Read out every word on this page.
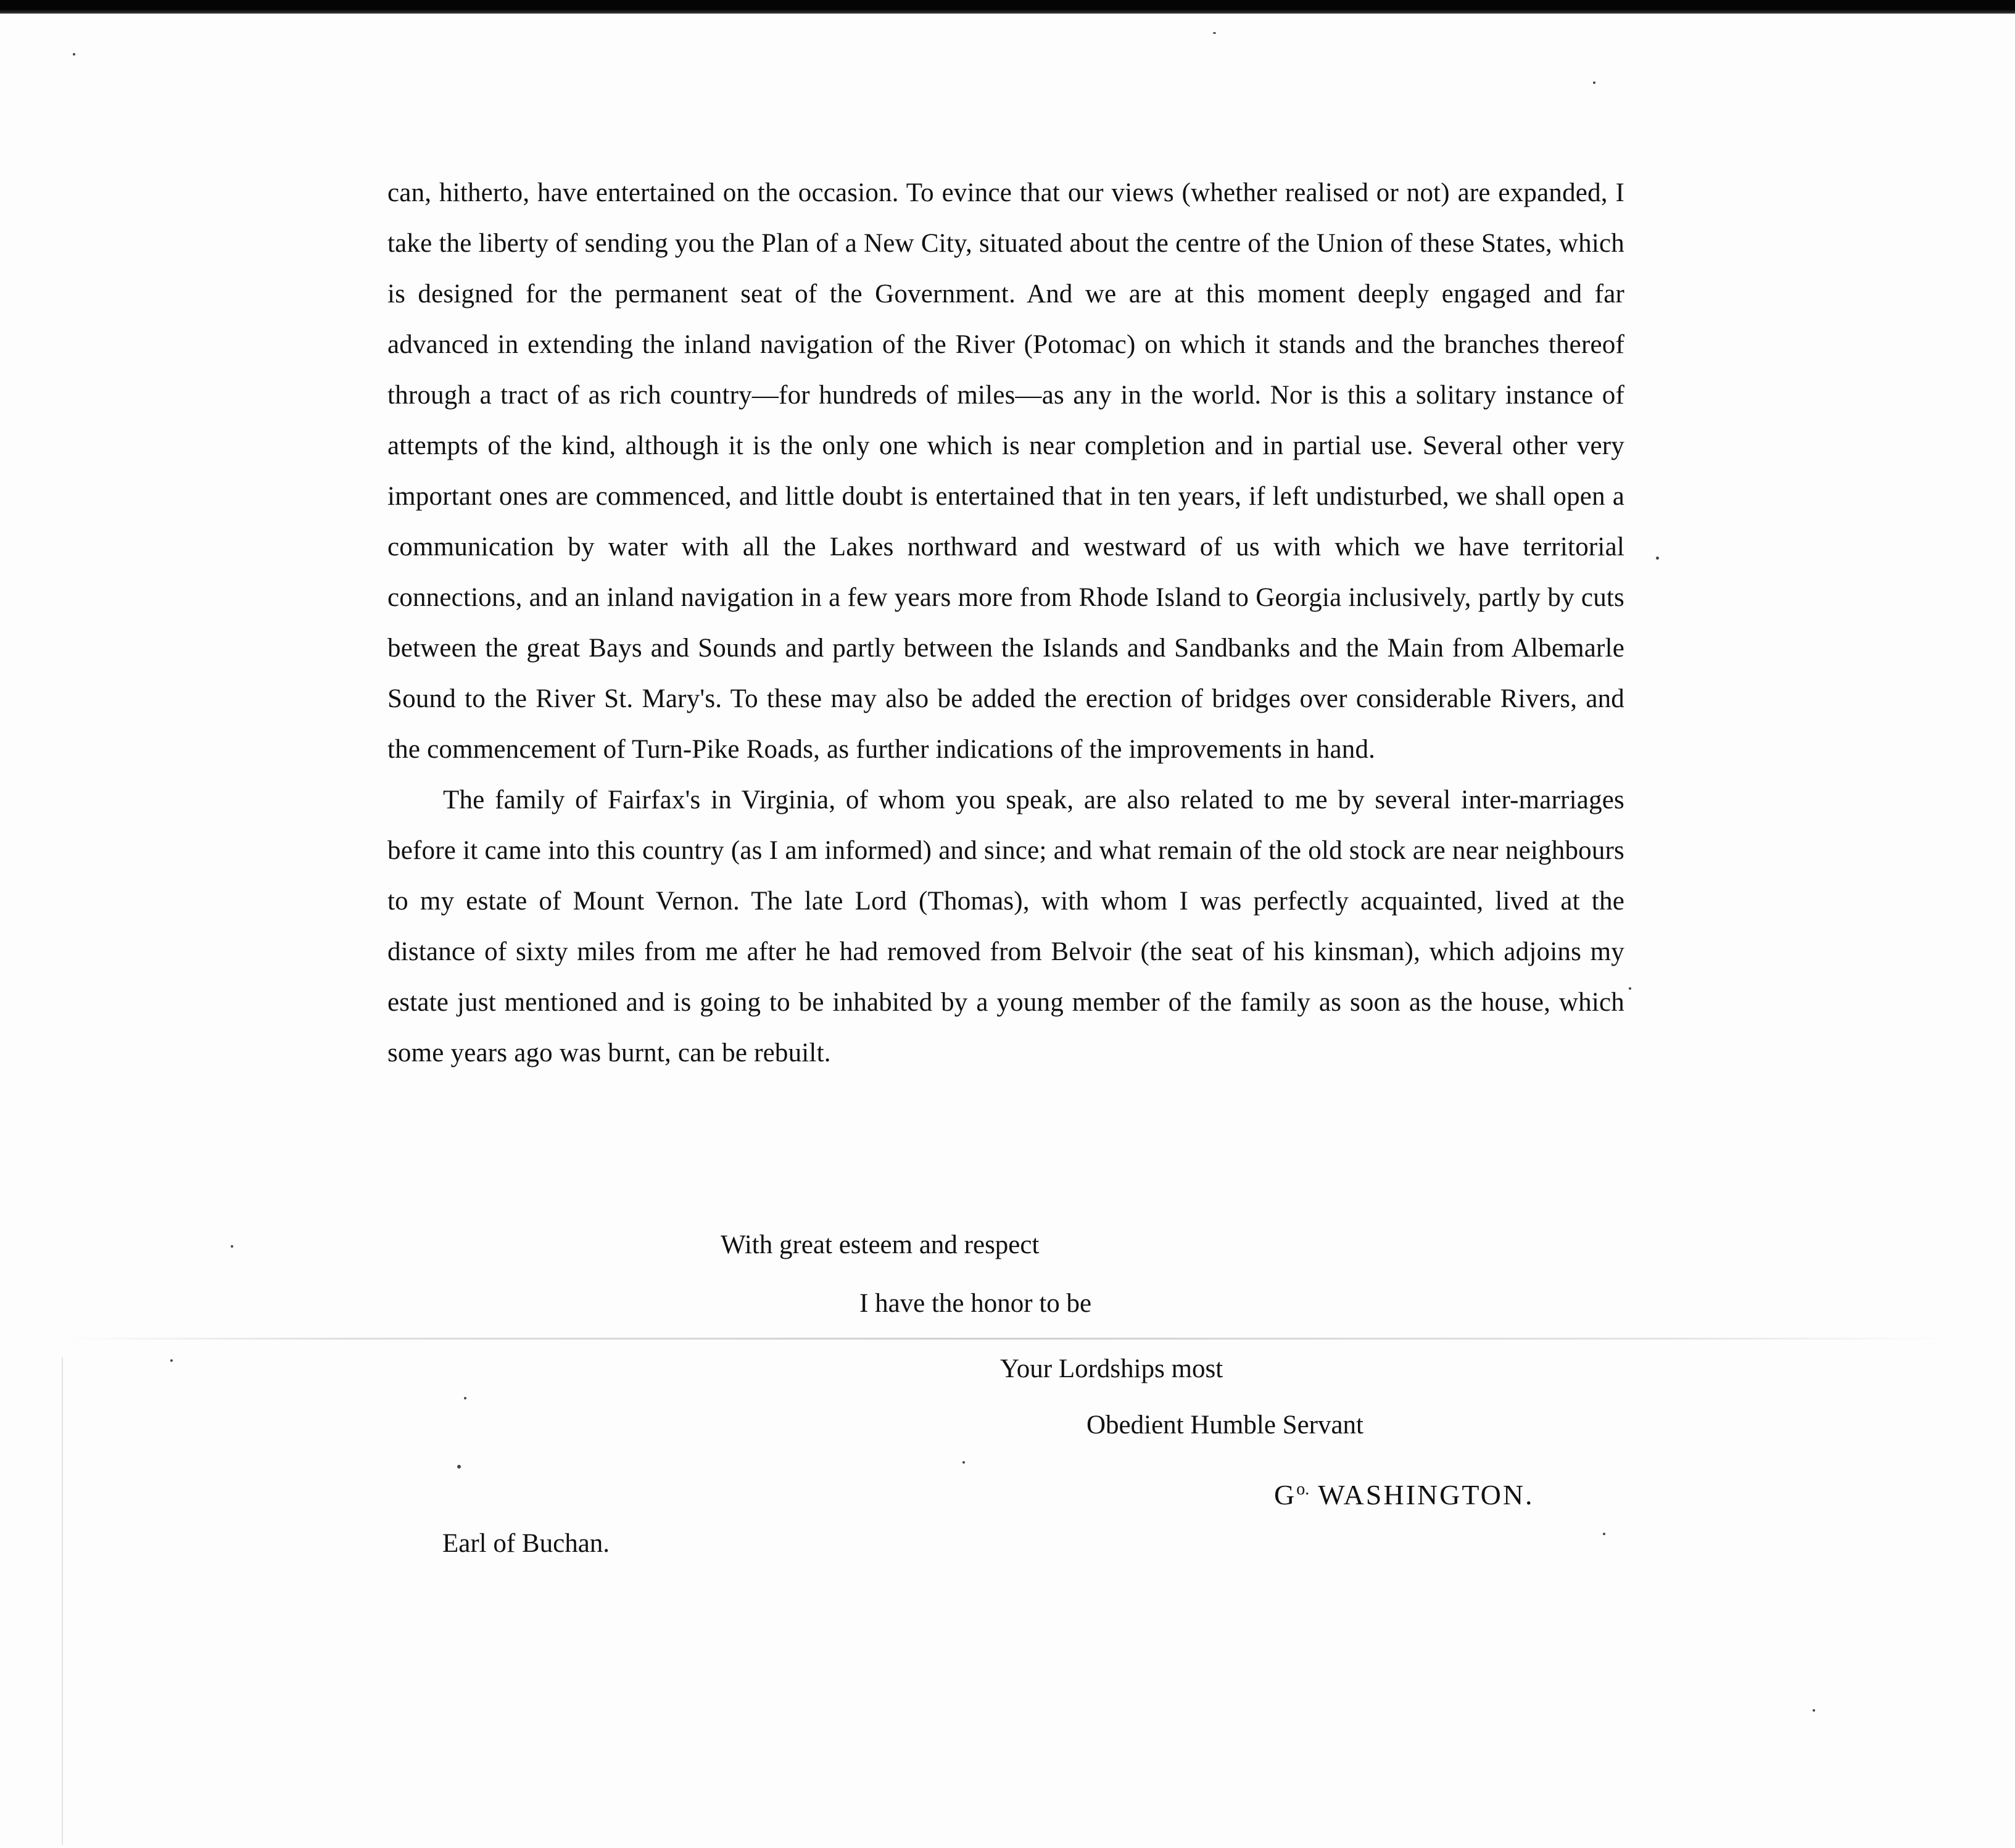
can, hitherto, have entertained on the occasion. To evince that our views (whether realised or not) are expanded, I take the liberty of sending you the Plan of a New City, situated about the centre of the Union of these States, which is designed for the permanent seat of the Government. And we are at this moment deeply engaged and far advanced in extending the inland navigation of the River (Potomac) on which it stands and the branches thereof through a tract of as rich country—for hundreds of miles—as any in the world. Nor is this a solitary instance of attempts of the kind, although it is the only one which is near completion and in partial use. Several other very important ones are commenced, and little doubt is entertained that in ten years, if left undisturbed, we shall open a communication by water with all the Lakes northward and westward of us with which we have territorial connections, and an inland navigation in a few years more from Rhode Island to Georgia inclusively, partly by cuts between the great Bays and Sounds and partly between the Islands and Sandbanks and the Main from Albemarle Sound to the River St. Mary's. To these may also be added the erection of bridges over considerable Rivers, and the commencement of Turn-Pike Roads, as further indications of the improvements in hand.

The family of Fairfax's in Virginia, of whom you speak, are also related to me by several inter-marriages before it came into this country (as I am informed) and since; and what remain of the old stock are near neighbours to my estate of Mount Vernon. The late Lord (Thomas), with whom I was perfectly acquainted, lived at the distance of sixty miles from me after he had removed from Belvoir (the seat of his kinsman), which adjoins my estate just mentioned and is going to be inhabited by a young member of the family as soon as the house, which some years ago was burnt, can be rebuilt.

With great esteem and respect
I have the honor to be
Your Lordships most
Obedient Humble Servant
$G^{o.}$ WASHINGTON.
Earl of Buchan.
